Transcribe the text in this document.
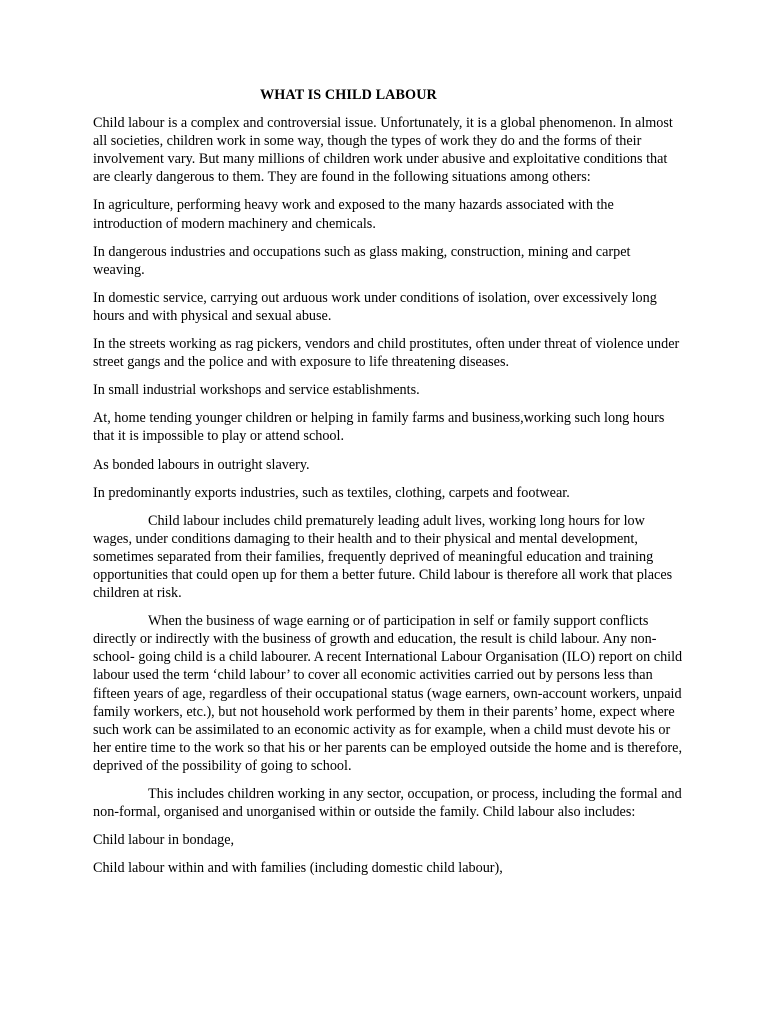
WHAT IS CHILD LABOUR

Child labour is a complex and controversial issue. Unfortunately, it is a global phenomenon. In almost all societies, children work in some way, though the types of work they do and the forms of their involvement vary. But many millions of children work under abusive and exploitative conditions that are clearly dangerous to them. They are found in the following situations among others:

In agriculture, performing heavy work and exposed to the many hazards associated with the introduction of modern machinery and chemicals.

In dangerous industries and occupations such as glass making, construction, mining and carpet weaving.

In domestic service, carrying out arduous work under conditions of isolation, over excessively long hours and with physical and sexual abuse.

In the streets working as rag pickers, vendors and child prostitutes, often under threat of violence under street gangs and the police and with exposure to life threatening diseases.

In small industrial workshops and service establishments.

At, home tending younger children or helping in family farms and business,working such long hours that it is impossible to play or attend school.

As bonded labours in outright slavery.

In predominantly exports industries, such as textiles, clothing, carpets and footwear.

Child labour includes child prematurely leading adult lives, working long hours for low wages, under conditions damaging to their health and to their physical and mental development, sometimes separated from their families, frequently deprived of meaningful education and training opportunities that could open up for them a better future. Child labour is therefore all work that places children at risk.

When the business of wage earning or of participation in self or family support conflicts directly or indirectly with the business of growth and education, the result is child labour. Any non- school- going child is a child labourer. A recent International Labour Organisation (ILO) report on child labour used the term ‘child labour’ to cover all economic activities carried out by persons less than fifteen years of age, regardless of their occupational status (wage earners, own-account workers, unpaid family workers, etc.), but not household work performed by them in their parents’ home, expect where such work can be assimilated to an economic activity as for example, when a child must devote his or her entire time to the work so that his or her parents can be employed outside the home and is therefore, deprived of the possibility of going to school.

This includes children working in any sector, occupation, or process, including the formal and non-formal, organised and unorganised within or outside the family. Child labour also includes:

Child labour in bondage,

Child labour within and with families (including domestic child labour),
